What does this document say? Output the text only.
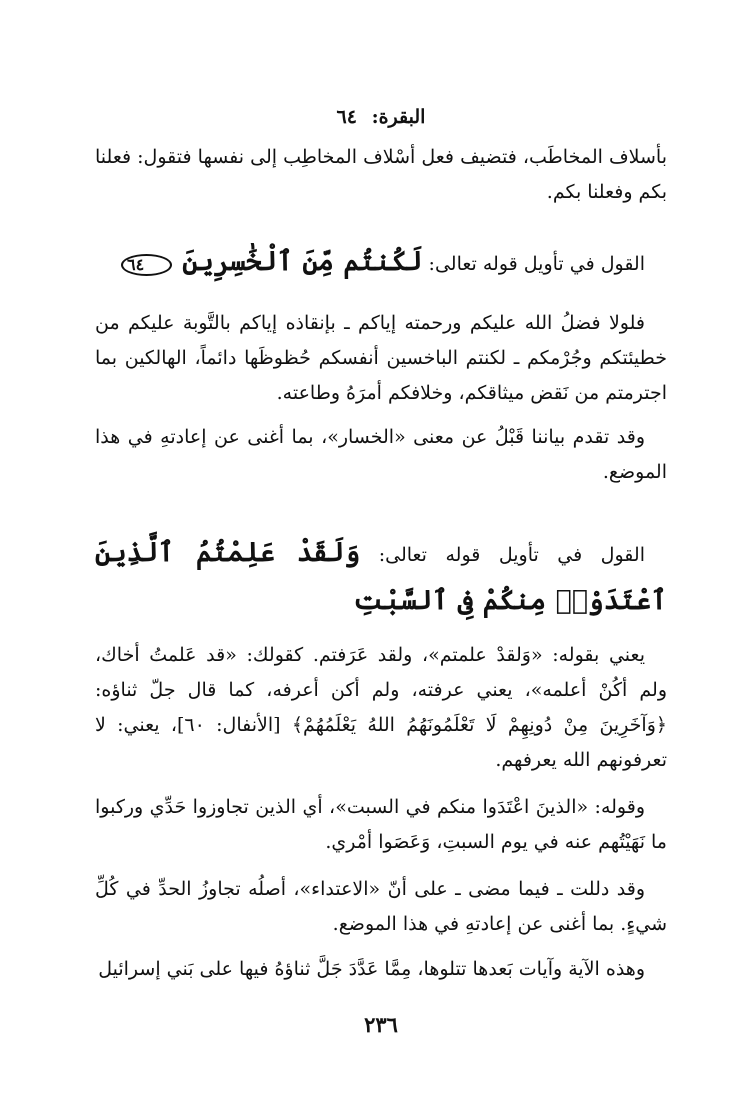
البقرة: ٦٤

بأسلاف المخاطَب، فتضيف فعل أسْلاف المخاطِب إلى نفسها فتقول: فعلنا بكم وفعلنا بكم.

القول في تأويل قوله تعالى: لَكُنتُم مِّنَ ٱلْخَٰسِرِينَ ٦٤

فلولا فضلُ الله عليكم ورحمته إياكم ـ بإنقاذه إياكم بالتَّوبة عليكم من خطيئتكم وجُرْمكم ـ لكنتم الباخسين أنفسكم حُظوظَها دائماً، الهالكين بما اجترمتم من نَقض ميثاقكم، وخلافكم أمرَهُ وطاعته.

وقد تقدم بياننا قَبْلُ عن معنى «الخسار»، بما أغنى عن إعادتهِ في هذا الموضع.

القول في تأويل قوله تعالى: وَلَقَدْ عَلِمْتُمُ ٱلَّذِينَ ٱعْتَدَوْا۟ مِنكُمْ فِى ٱلسَّبْتِ

يعني بقوله: «وَلقدْ علمتم»، ولقد عَرَفتم. كقولك: «قد عَلمتُ أخاك، ولم أكُنْ أعلمه»، يعني عرفته، ولم أكن أعرفه، كما قال جلّ ثناؤه: ﴿وَآخَرِينَ مِنْ دُونِهِمْ لَا تَعْلَمُونَهُمُ اللهُ يَعْلَمُهُمْ﴾ [الأنفال: ٦٠]، يعني: لا تعرفونهم الله يعرفهم.

وقوله: «الذينَ اعْتَدَوا منكم في السبت»، أي الذين تجاوزوا حَدِّي وركبوا ما نَهَيْتُهم عنه في يوم السبتِ، وَعَصَوا أمْري.

وقد دللت ـ فيما مضى ـ على أنّ «الاعتداء»، أصلُه تجاوزُ الحدِّ في كُلِّ شيءٍ. بما أغنى عن إعادتهِ في هذا الموضع.

وهذه الآية وآيات بَعدها تتلوها، مِمَّا عَدَّدَ جَلَّ ثناؤهُ فيها على بَني إسرائيل

٢٣٦
